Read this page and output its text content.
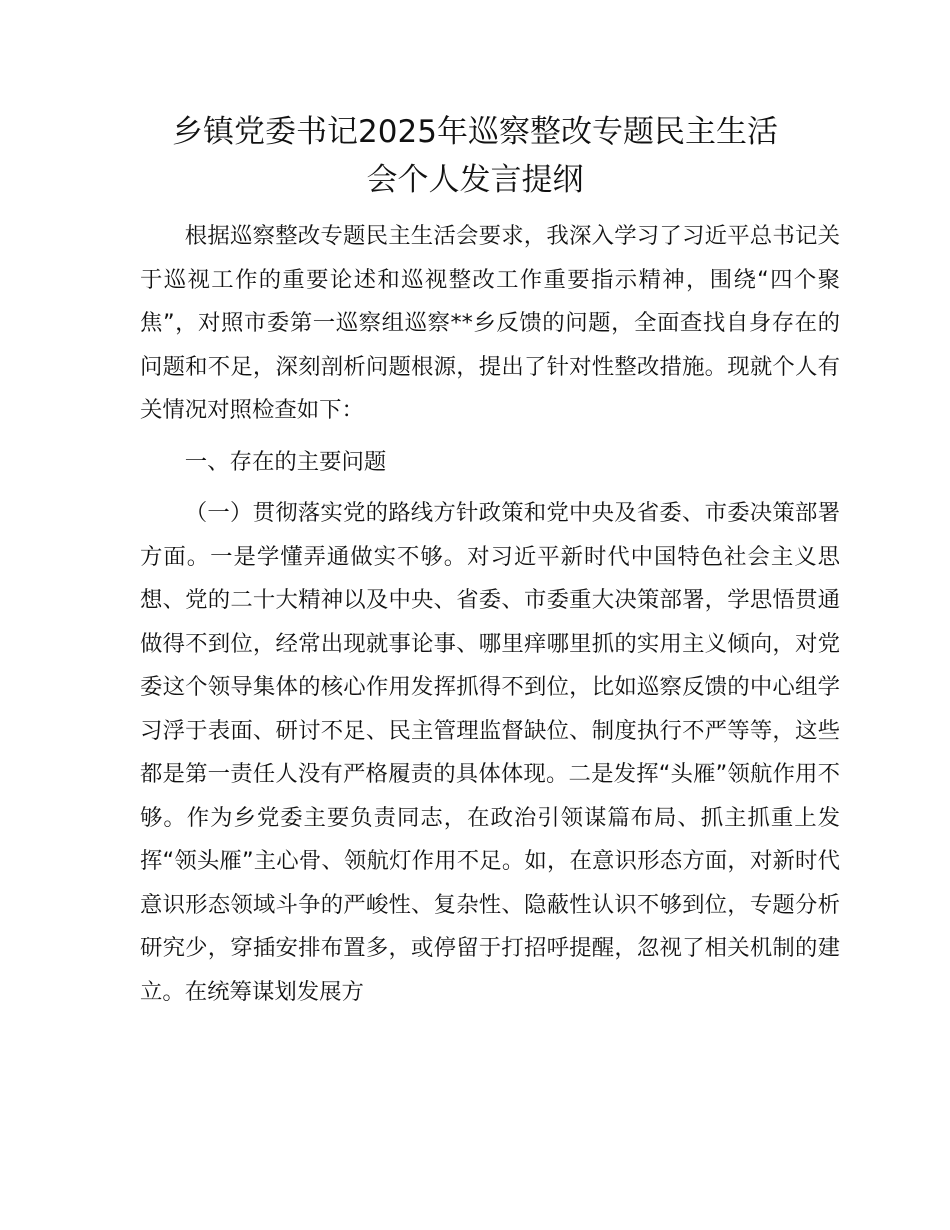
乡镇党委书记2025年巡察整改专题民主生活
会个人发言提纲

根据巡察整改专题民主生活会要求，我深入学习了习近平总书记关于巡视工作的重要论述和巡视整改工作重要指示精神，围绕“四个聚焦”，对照市委第一巡察组巡察**乡反馈的问题，全面查找自身存在的问题和不足，深刻剖析问题根源，提出了针对性整改措施。现就个人有关情况对照检查如下：

一、存在的主要问题

（一）贯彻落实党的路线方针政策和党中央及省委、市委决策部署方面。一是学懂弄通做实不够。对习近平新时代中国特色社会主义思想、党的二十大精神以及中央、省委、市委重大决策部署，学思悟贯通做得不到位，经常出现就事论事、哪里痒哪里抓的实用主义倾向，对党委这个领导集体的核心作用发挥抓得不到位，比如巡察反馈的中心组学习浮于表面、研讨不足、民主管理监督缺位、制度执行不严等等，这些都是第一责任人没有严格履责的具体体现。二是发挥“头雁”领航作用不够。作为乡党委主要负责同志，在政治引领谋篇布局、抓主抓重上发挥“领头雁”主心骨、领航灯作用不足。如，在意识形态方面，对新时代意识形态领域斗争的严峻性、复杂性、隐蔽性认识不够到位，专题分析研究少，穿插安排布置多，或停留于打招呼提醒，忽视了相关机制的建立。在统筹谋划发展方
